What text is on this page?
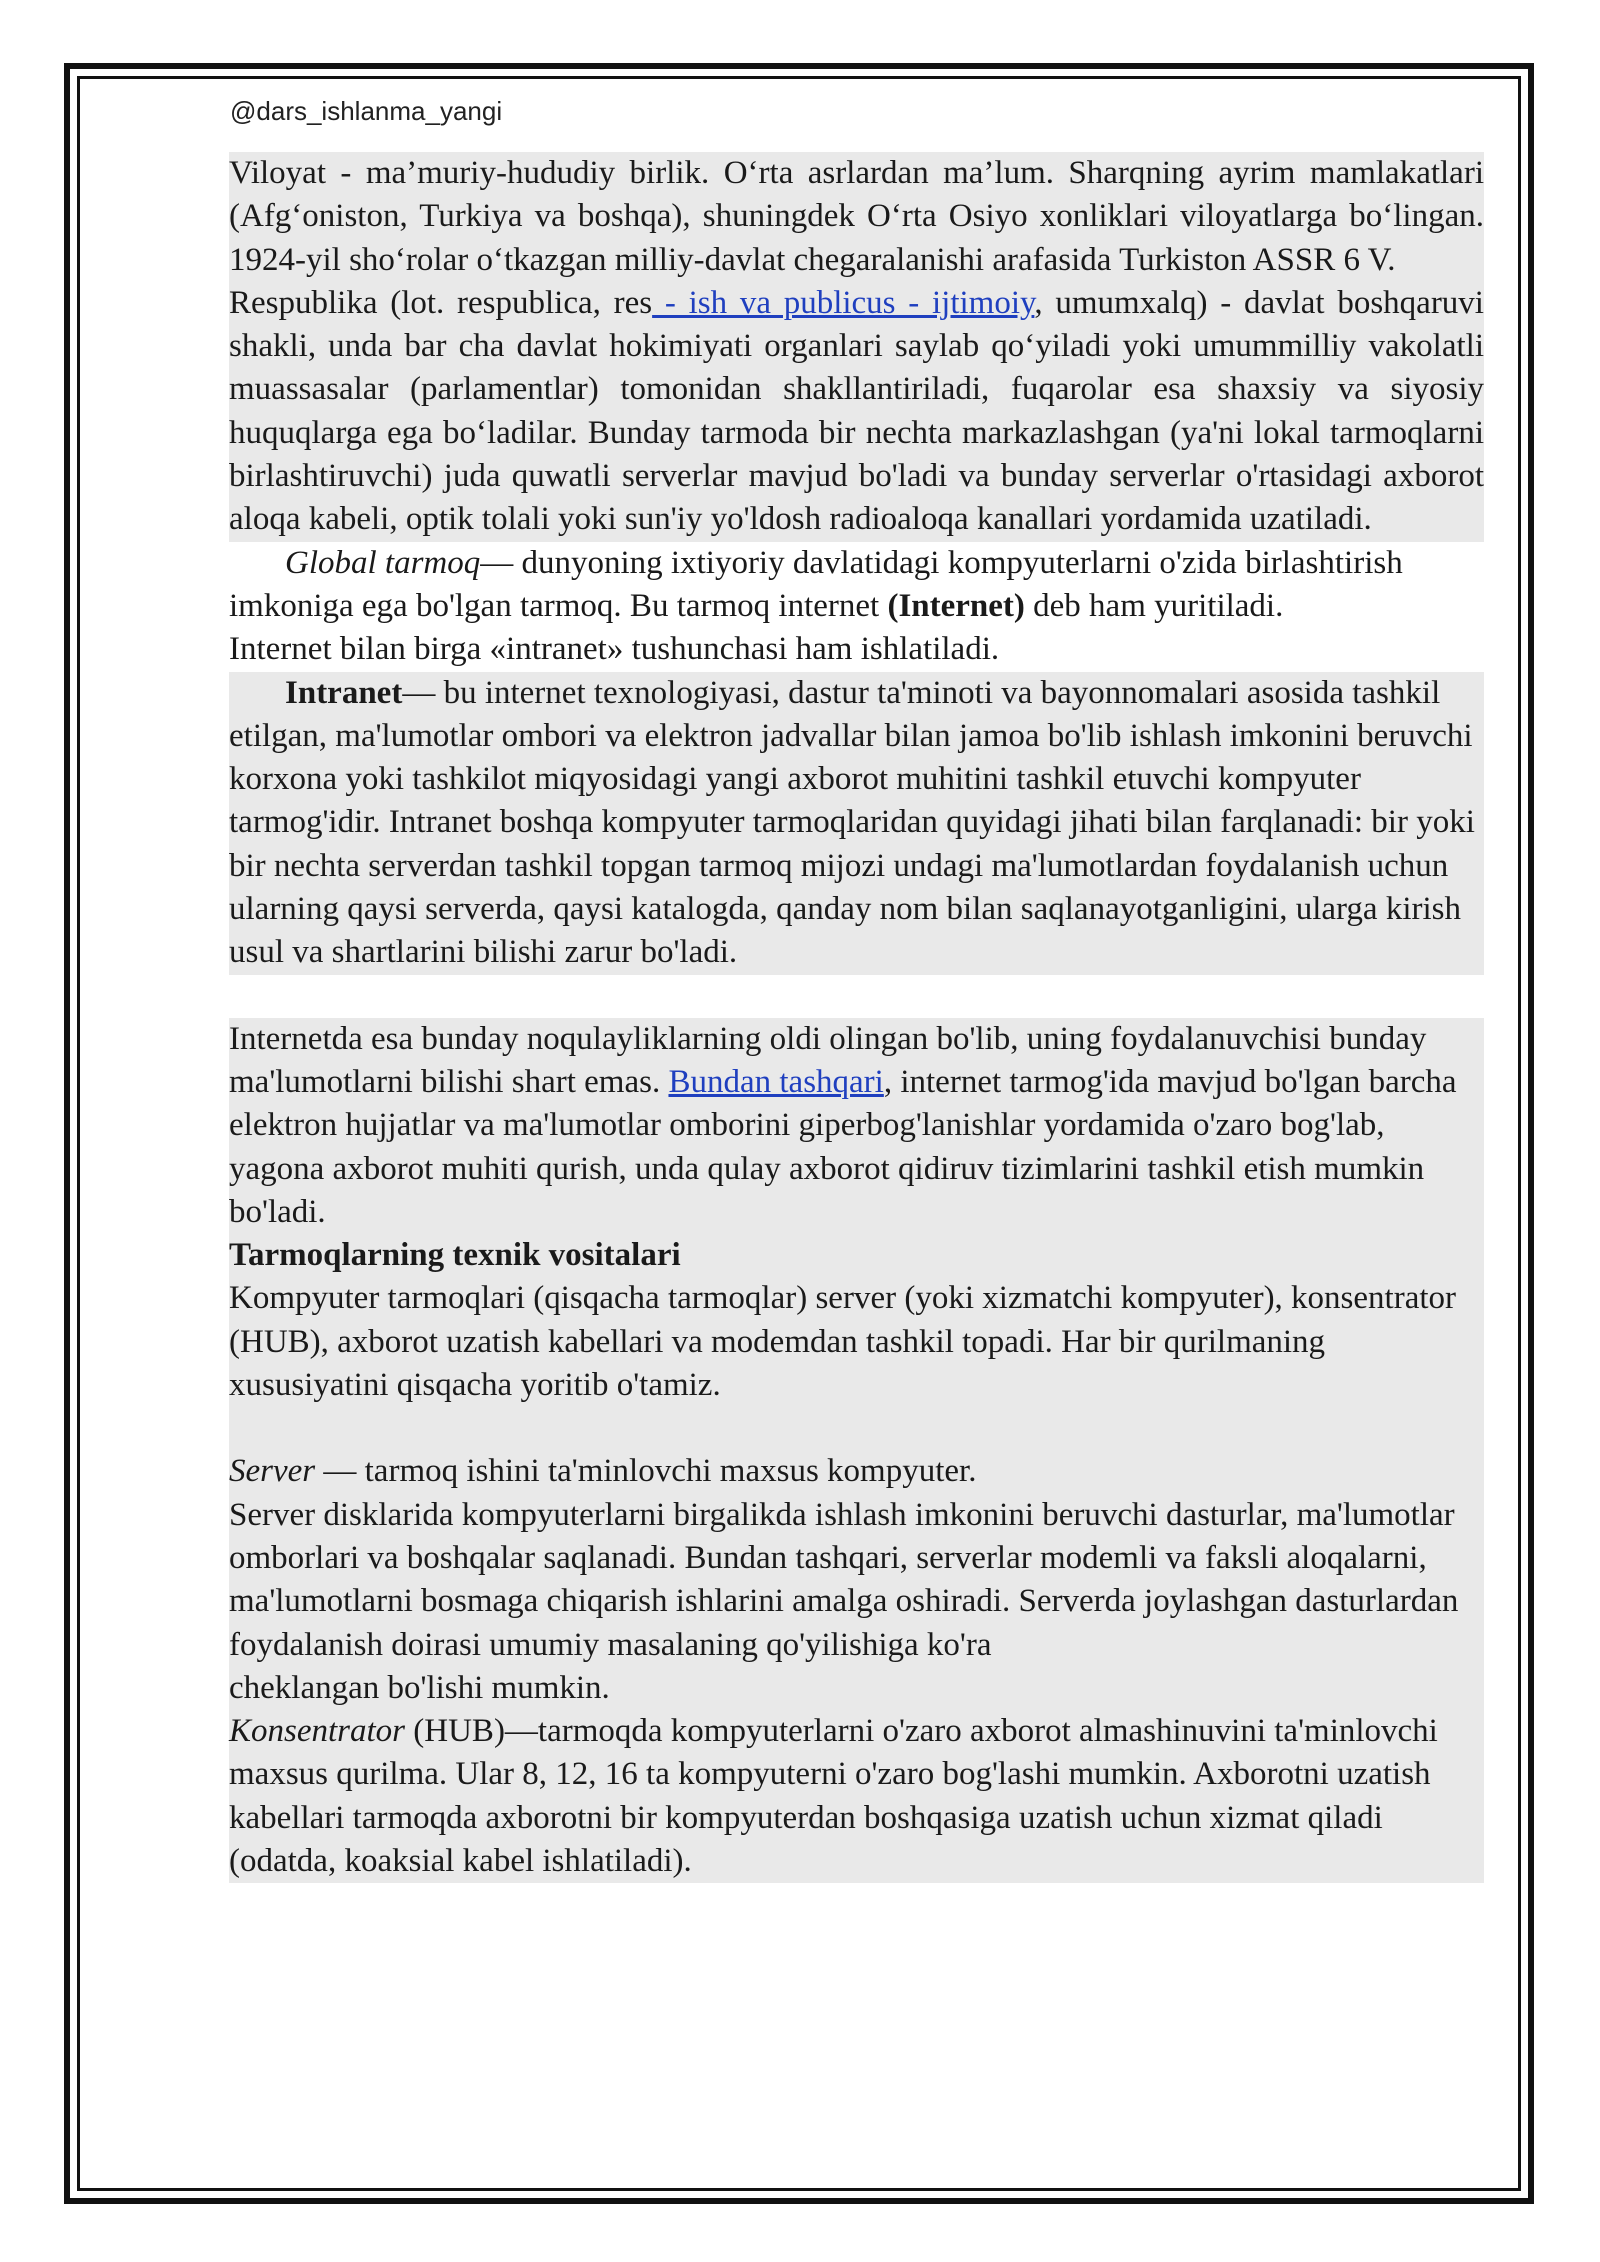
@dars_ishlanma_yangi

Viloyat - ma’muriy-hududiy birlik. O‘rta asrlardan ma’lum. Sharqning ayrim mamlakatlari (Afg‘oniston, Turkiya va boshqa), shuningdek O‘rta Osiyo xonliklari viloyatlarga bo‘lingan. 1924-yil sho‘rolar o‘tkazgan milliy-davlat chegaralanishi arafasida Turkiston ASSR 6 V.

Respublika (lot. respublica, res - ish va publicus - ijtimoiy, umumxalq) - davlat boshqaruvi shakli, unda bar cha davlat hokimiyati organlari saylab qo‘yiladi yoki umummilliy vakolatli muassasalar (parlamentlar) tomonidan shakllantiriladi, fuqarolar esa shaxsiy va siyosiy huquqlarga ega bo‘ladilar. Bunday tarmoda bir nechta markazlashgan (ya'ni lokal tarmoqlarni birlashtiruvchi) juda quwatli serverlar mavjud bo'ladi va bunday serverlar o'rtasidagi axborot aloqa kabeli, optik tolali yoki sun'iy yo'ldosh radioaloqa kanallari yordamida uzatiladi.

Global tarmoq— dunyoning ixtiyoriy davlatidagi kompyuterlarni o'zida birlashtirish imkoniga ega bo'lgan tarmoq. Bu tarmoq internet (Internet) deb ham yuritiladi.

Internet bilan birga «intranet» tushunchasi ham ishlatiladi.

Intranet— bu internet texnologiyasi, dastur ta'minoti va bayonnomalari asosida tashkil etilgan, ma'lumotlar ombori va elektron jadvallar bilan jamoa bo'lib ishlash imkonini beruvchi korxona yoki tashkilot miqyosidagi yangi axborot muhitini tashkil etuvchi kompyuter tarmog'idir. Intranet boshqa kompyuter tarmoqlaridan quyidagi jihati bilan farqlanadi: bir yoki bir nechta serverdan tashkil topgan tarmoq mijozi undagi ma'lumotlardan foydalanish uchun ularning qaysi serverda, qaysi katalogda, qanday nom bilan saqlanayotganligini, ularga kirish usul va shartlarini bilishi zarur bo'ladi.

Internetda esa bunday noqulayliklarning oldi olingan bo'lib, uning foydalanuvchisi bunday ma'lumotlarni bilishi shart emas. Bundan tashqari, internet tarmog'ida mavjud bo'lgan barcha elektron hujjatlar va ma'lumotlar omborini giperbog'lanishlar yordamida o'zaro bog'lab, yagona axborot muhiti qurish, unda qulay axborot qidiruv tizimlarini tashkil etish mumkin bo'ladi.

Tarmoqlarning texnik vositalari

Kompyuter tarmoqlari (qisqacha tarmoqlar) server (yoki xizmatchi kompyuter), konsentrator (HUB), axborot uzatish kabellari va modemdan tashkil topadi. Har bir qurilmaning xususiyatini qisqacha yoritib o'tamiz.

Server — tarmoq ishini ta'minlovchi maxsus kompyuter.

Server disklarida kompyuterlarni birgalikda ishlash imkonini beruvchi dasturlar, ma'lumotlar omborlari va boshqalar saqlanadi. Bundan tashqari, serverlar modemli va faksli aloqalarni, ma'lumotlarni bosmaga chiqarish ishlarini amalga oshiradi. Serverda joylashgan dasturlardan foydalanish doirasi umumiy masalaning qo'yilishiga ko'ra

cheklangan bo'lishi mumkin.

Konsentrator (HUB)—tarmoqda kompyuterlarni o'zaro axborot almashinuvini ta'minlovchi maxsus qurilma. Ular 8, 12, 16 ta kompyuterni o'zaro bog'lashi mumkin. Axborotni uzatish kabellari tarmoqda axborotni bir kompyuterdan boshqasiga uzatish uchun xizmat qiladi (odatda, koaksial kabel ishlatiladi).
